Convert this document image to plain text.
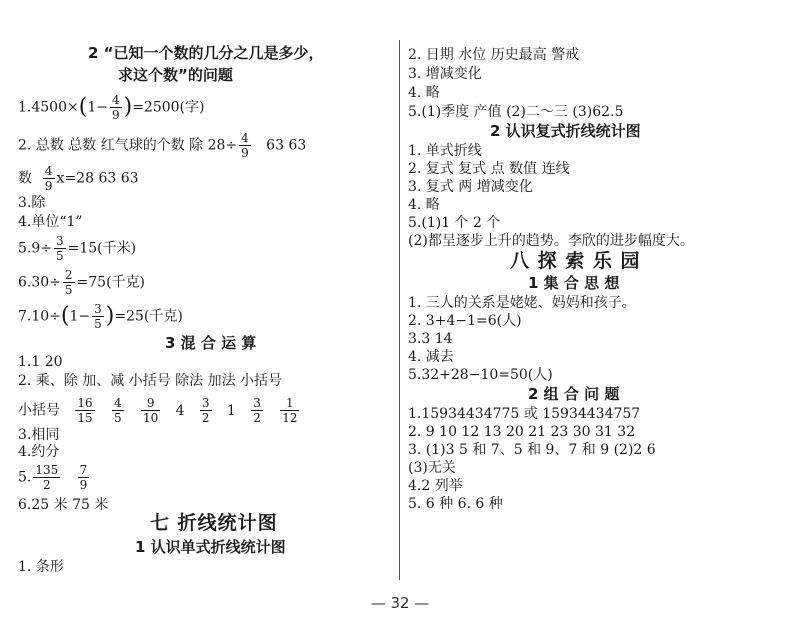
2 “已知一个数的几分之几是多少，
求这个数”的问题
$1.4500\times(1- \frac{4}{9} )=2500$(字)
2. 总数 总数 红气球的个数 除 $28\div \frac{4}{9} 63$ 63
数 $\frac{4}{9} x=28$ 63 63
3.除
4.单位“1”
$5.9\div \frac{3}{5} =15$(千米)
$6.30\div \frac{2}{5} =75$(千克)
$7.10\div(1- \frac{3}{5} )=25$(千克)
3 混 合 运 算
1.1 20
2. 乘、除 加、减 小括号 除法 加法 小括号
小括号 $\frac{16}{15}$
$\frac{4}{5}$
$\frac{9}{10} 4 \frac{3}{2} 1 \frac{3}{2}$
$\frac{1}{12}$
3.相同
4.约分
5. $\frac{135}{2}$
$\frac{7}{9}$
6.25 米 75 米
七 折线统计图
1 认识单式折线统计图
1. 条形
2. 日期 水位 历史最高 警戒
3. 增减变化
4. 略
5.(1)季度 产值 (2)二～三 (3)62.5
2 认识复式折线统计图
1. 单式折线
2. 复式 复式 点 数值 连线
3. 复式 两 增减变化
4. 略
5.(1)1 个 2 个
(2)都呈逐步上升的趋势。李欣的进步幅度大。
八 探 索 乐 园
1 集 合 思 想
1. 三人的关系是姥姥、妈妈和孩子。
2. 3+4−1=6(人)
3.3 14
4. 减去
5.32+28−10=50(人)
2 组 合 问 题
1.15934434775 或 15934434757
2. 9 10 12 13 20 21 23 30 31 32
3. (1)3 5 和 7、5 和 9、7 和 9 (2)2 6
(3)无关
4.2 列举
5. 6 种 6. 6 种
— 32 —
